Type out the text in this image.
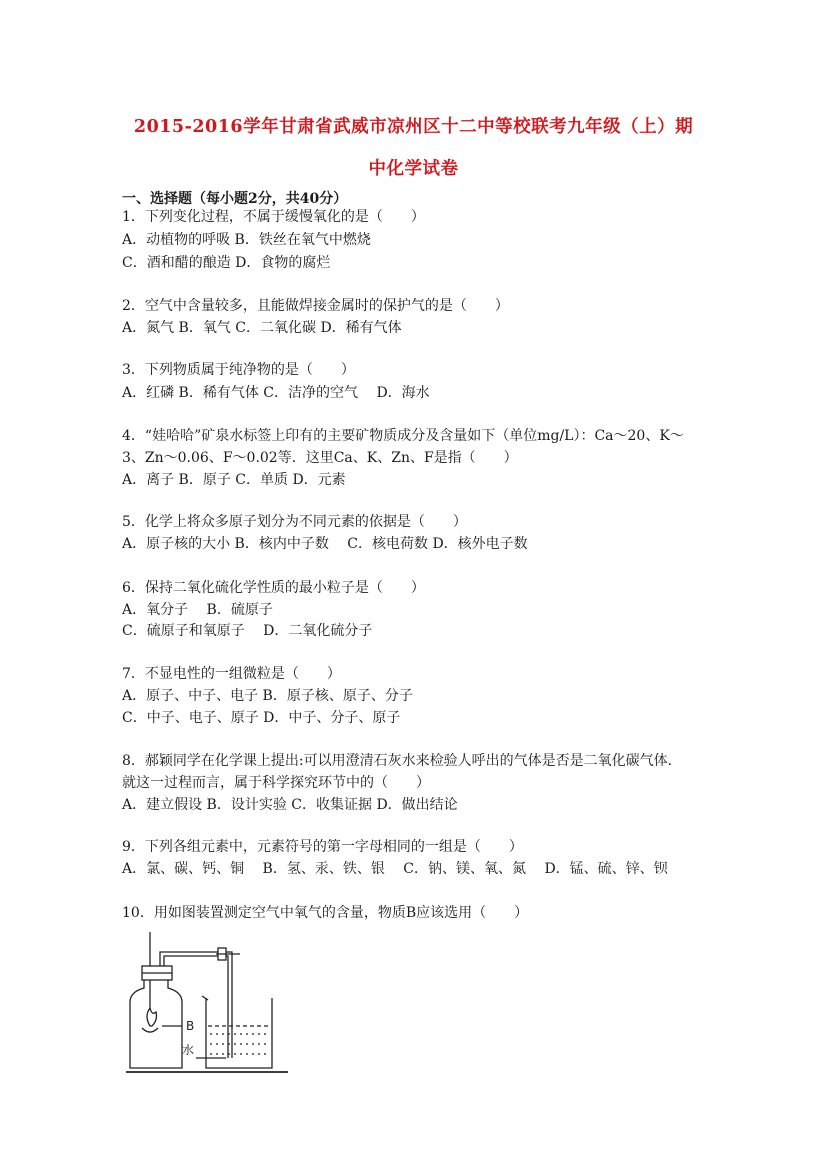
2015-2016学年甘肃省武威市凉州区十二中等校联考九年级（上）期
中化学试卷
一、选择题（每小题2分，共40分）
1．下列变化过程，不属于缓慢氧化的是（　　）
A．动植物的呼吸 B．铁丝在氧气中燃烧
C．酒和醋的酿造 D．食物的腐烂
2．空气中含量较多，且能做焊接金属时的保护气的是（　　）
A．氮气 B．氧气 C．二氧化碳 D．稀有气体
3．下列物质属于纯净物的是（　　）
A．红磷 B．稀有气体 C．洁净的空气　 D．海水
4．“娃哈哈”矿泉水标签上印有的主要矿物质成分及含量如下（单位mg/L）：Ca～20、K～
3、Zn～0.06、F～0.02等．这里Ca、K、Zn、F是指（　　）
A．离子 B．原子 C．单质 D．元素
5．化学上将众多原子划分为不同元素的依据是（　　）
A．原子核的大小 B．核内中子数　 C．核电荷数 D．核外电子数
6．保持二氧化硫化学性质的最小粒子是（　　）
A．氧分子　 B．硫原子
C．硫原子和氧原子　 D．二氧化硫分子
7．不显电性的一组微粒是（　　）
A．原子、中子、电子 B．原子核、原子、分子
C．中子、电子、原子 D．中子、分子、原子
8．郝颖同学在化学课上提出:可以用澄清石灰水来检验人呼出的气体是否是二氧化碳气体．
就这一过程而言，属于科学探究环节中的（　　）
A．建立假设 B．设计实验 C．收集证据 D．做出结论
9．下列各组元素中，元素符号的第一字母相同的一组是（　　）
A．氯、碳、钙、铜　 B．氢、汞、铁、银　 C．钠、镁、氧、氮　 D．锰、硫、锌、钡
10．用如图装置测定空气中氧气的含量，物质B应该选用（　　）
B
水
